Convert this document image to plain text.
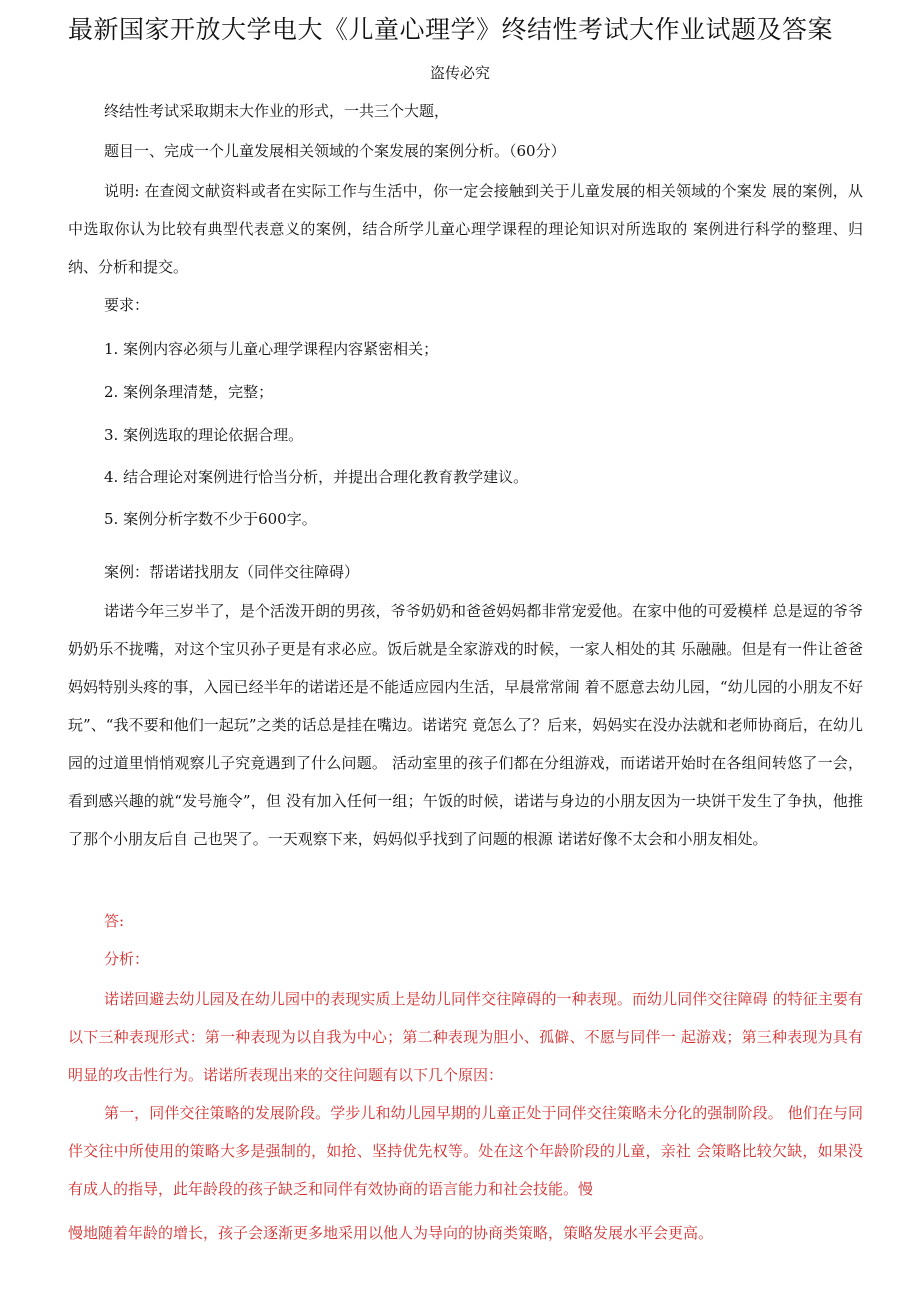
最新国家开放大学电大《儿童心理学》终结性考试大作业试题及答案
盗传必究

终结性考试采取期末大作业的形式，一共三个大题，

题目一、完成一个儿童发展相关领域的个案发展的案例分析。（60分）

说明: 在查阅文献资料或者在实际工作与生活中，你一定会接触到关于儿童发展的相关领域的个案发 展的案例，从中选取你认为比较有典型代表意义的案例，结合所学儿童心理学课程的理论知识对所选取的 案例进行科学的整理、归纳、分析和提交。

要求：

1. 案例内容必须与儿童心理学课程内容紧密相关；

2. 案例条理清楚，完整；

3. 案例选取的理论依据合理。

4. 结合理论对案例进行恰当分析，并提出合理化教育教学建议。

5. 案例分析字数不少于600字。

案例：帮诺诺找朋友（同伴交往障碍）

诺诺今年三岁半了，是个活泼开朗的男孩，爷爷奶奶和爸爸妈妈都非常宠爱他。在家中他的可爱模样 总是逗的爷爷奶奶乐不拢嘴，对这个宝贝孙子更是有求必应。饭后就是全家游戏的时候，一家人相处的其 乐融融。但是有一件让爸爸妈妈特别头疼的事，入园已经半年的诺诺还是不能适应园内生活，早晨常常闹 着不愿意去幼儿园，“幼儿园的小朋友不好玩”、“我不要和他们一起玩”之类的话总是挂在嘴边。诺诺究 竟怎么了？后来，妈妈实在没办法就和老师协商后，在幼儿园的过道里悄悄观察儿子究竟遇到了什么问题。 活动室里的孩子们都在分组游戏，而诺诺开始时在各组间转悠了一会，看到感兴趣的就“发号施令”，但 没有加入任何一组；午饭的时候，诺诺与身边的小朋友因为一块饼干发生了争执，他推了那个小朋友后自 己也哭了。一天观察下来，妈妈似乎找到了问题的根源 诺诺好像不太会和小朋友相处。

答:

分析：

诺诺回避去幼儿园及在幼儿园中的表现实质上是幼儿同伴交往障碍的一种表现。而幼儿同伴交往障碍 的特征主要有以下三种表现形式：第一种表现为以自我为中心；第二种表现为胆小、孤僻、不愿与同伴一 起游戏；第三种表现为具有明显的攻击性行为。诺诺所表现出来的交往问题有以下几个原因：

第一，同伴交往策略的发展阶段。学步儿和幼儿园早期的儿童正处于同伴交往策略未分化的强制阶段。 他们在与同伴交往中所使用的策略大多是强制的，如抢、坚持优先权等。处在这个年龄阶段的儿童，亲社 会策略比较欠缺，如果没有成人的指导，此年龄段的孩子缺乏和同伴有效协商的语言能力和社会技能。慢

慢地随着年龄的增长，孩子会逐渐更多地采用以他人为导向的协商类策略，策略发展水平会更高。
